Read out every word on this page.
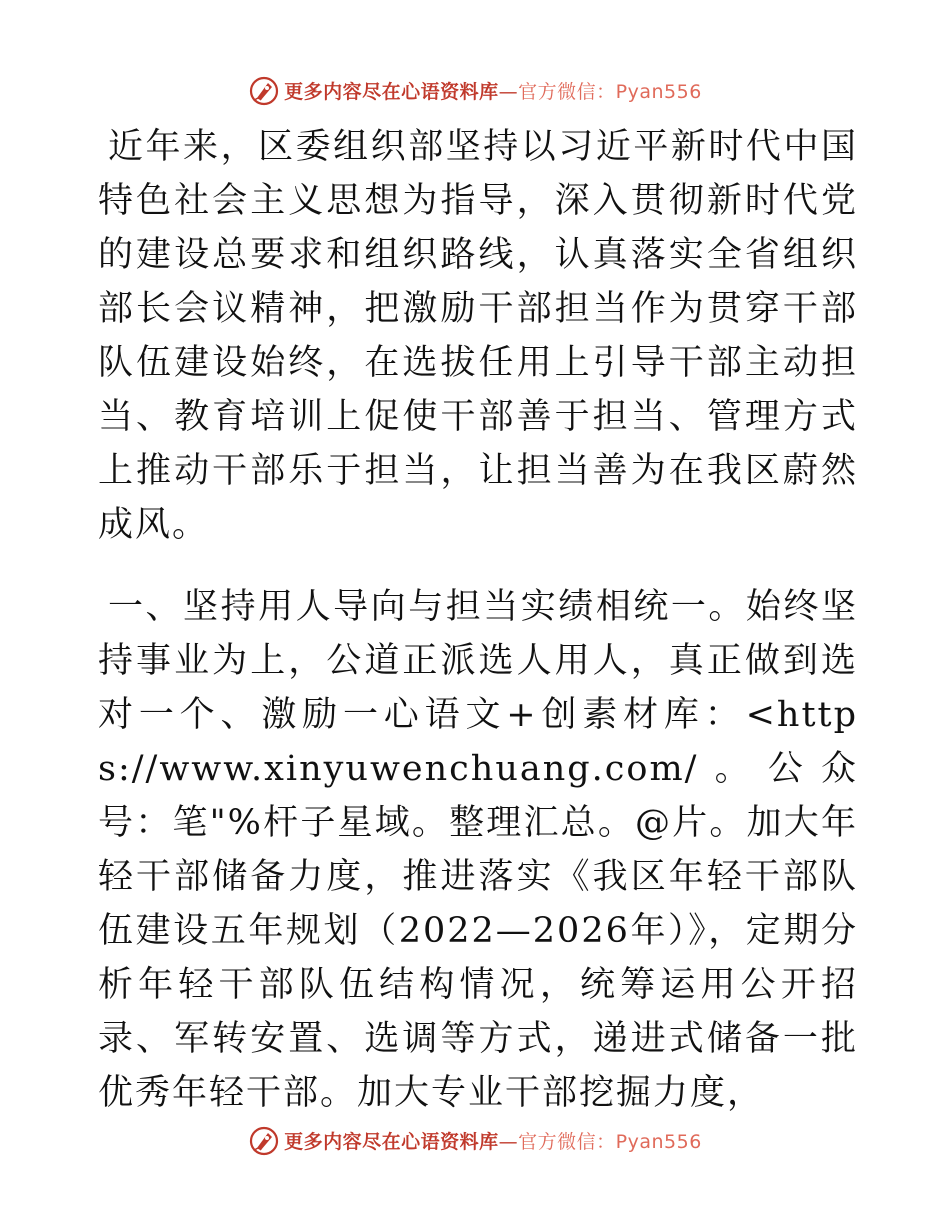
更多内容尽在心语资料库—官方微信：Pyan556

近年来，区委组织部坚持以习近平新时代中国特色社会主义思想为指导，深入贯彻新时代党的建设总要求和组织路线，认真落实全省组织部长会议精神，把激励干部担当作为贯穿干部队伍建设始终，在选拔任用上引导干部主动担当、教育培训上促使干部善于担当、管理方式上推动干部乐于担当，让担当善为在我区蔚然成风。

一、坚持用人导向与担当实绩相统一。始终坚持事业为上，公道正派选人用人，真正做到选对一个、激励一心语文+创素材库：<https://www.xinyuwenchuang.com/。公众号：笔"%杆子星域。整理汇总。@片。加大年轻干部储备力度，推进落实《我区年轻干部队伍建设五年规划（2022—2026年）》，定期分析年轻干部队伍结构情况，统筹运用公开招录、军转安置、选调等方式，递进式储备一批优秀年轻干部。加大专业干部挖掘力度，

更多内容尽在心语资料库—官方微信：Pyan556
